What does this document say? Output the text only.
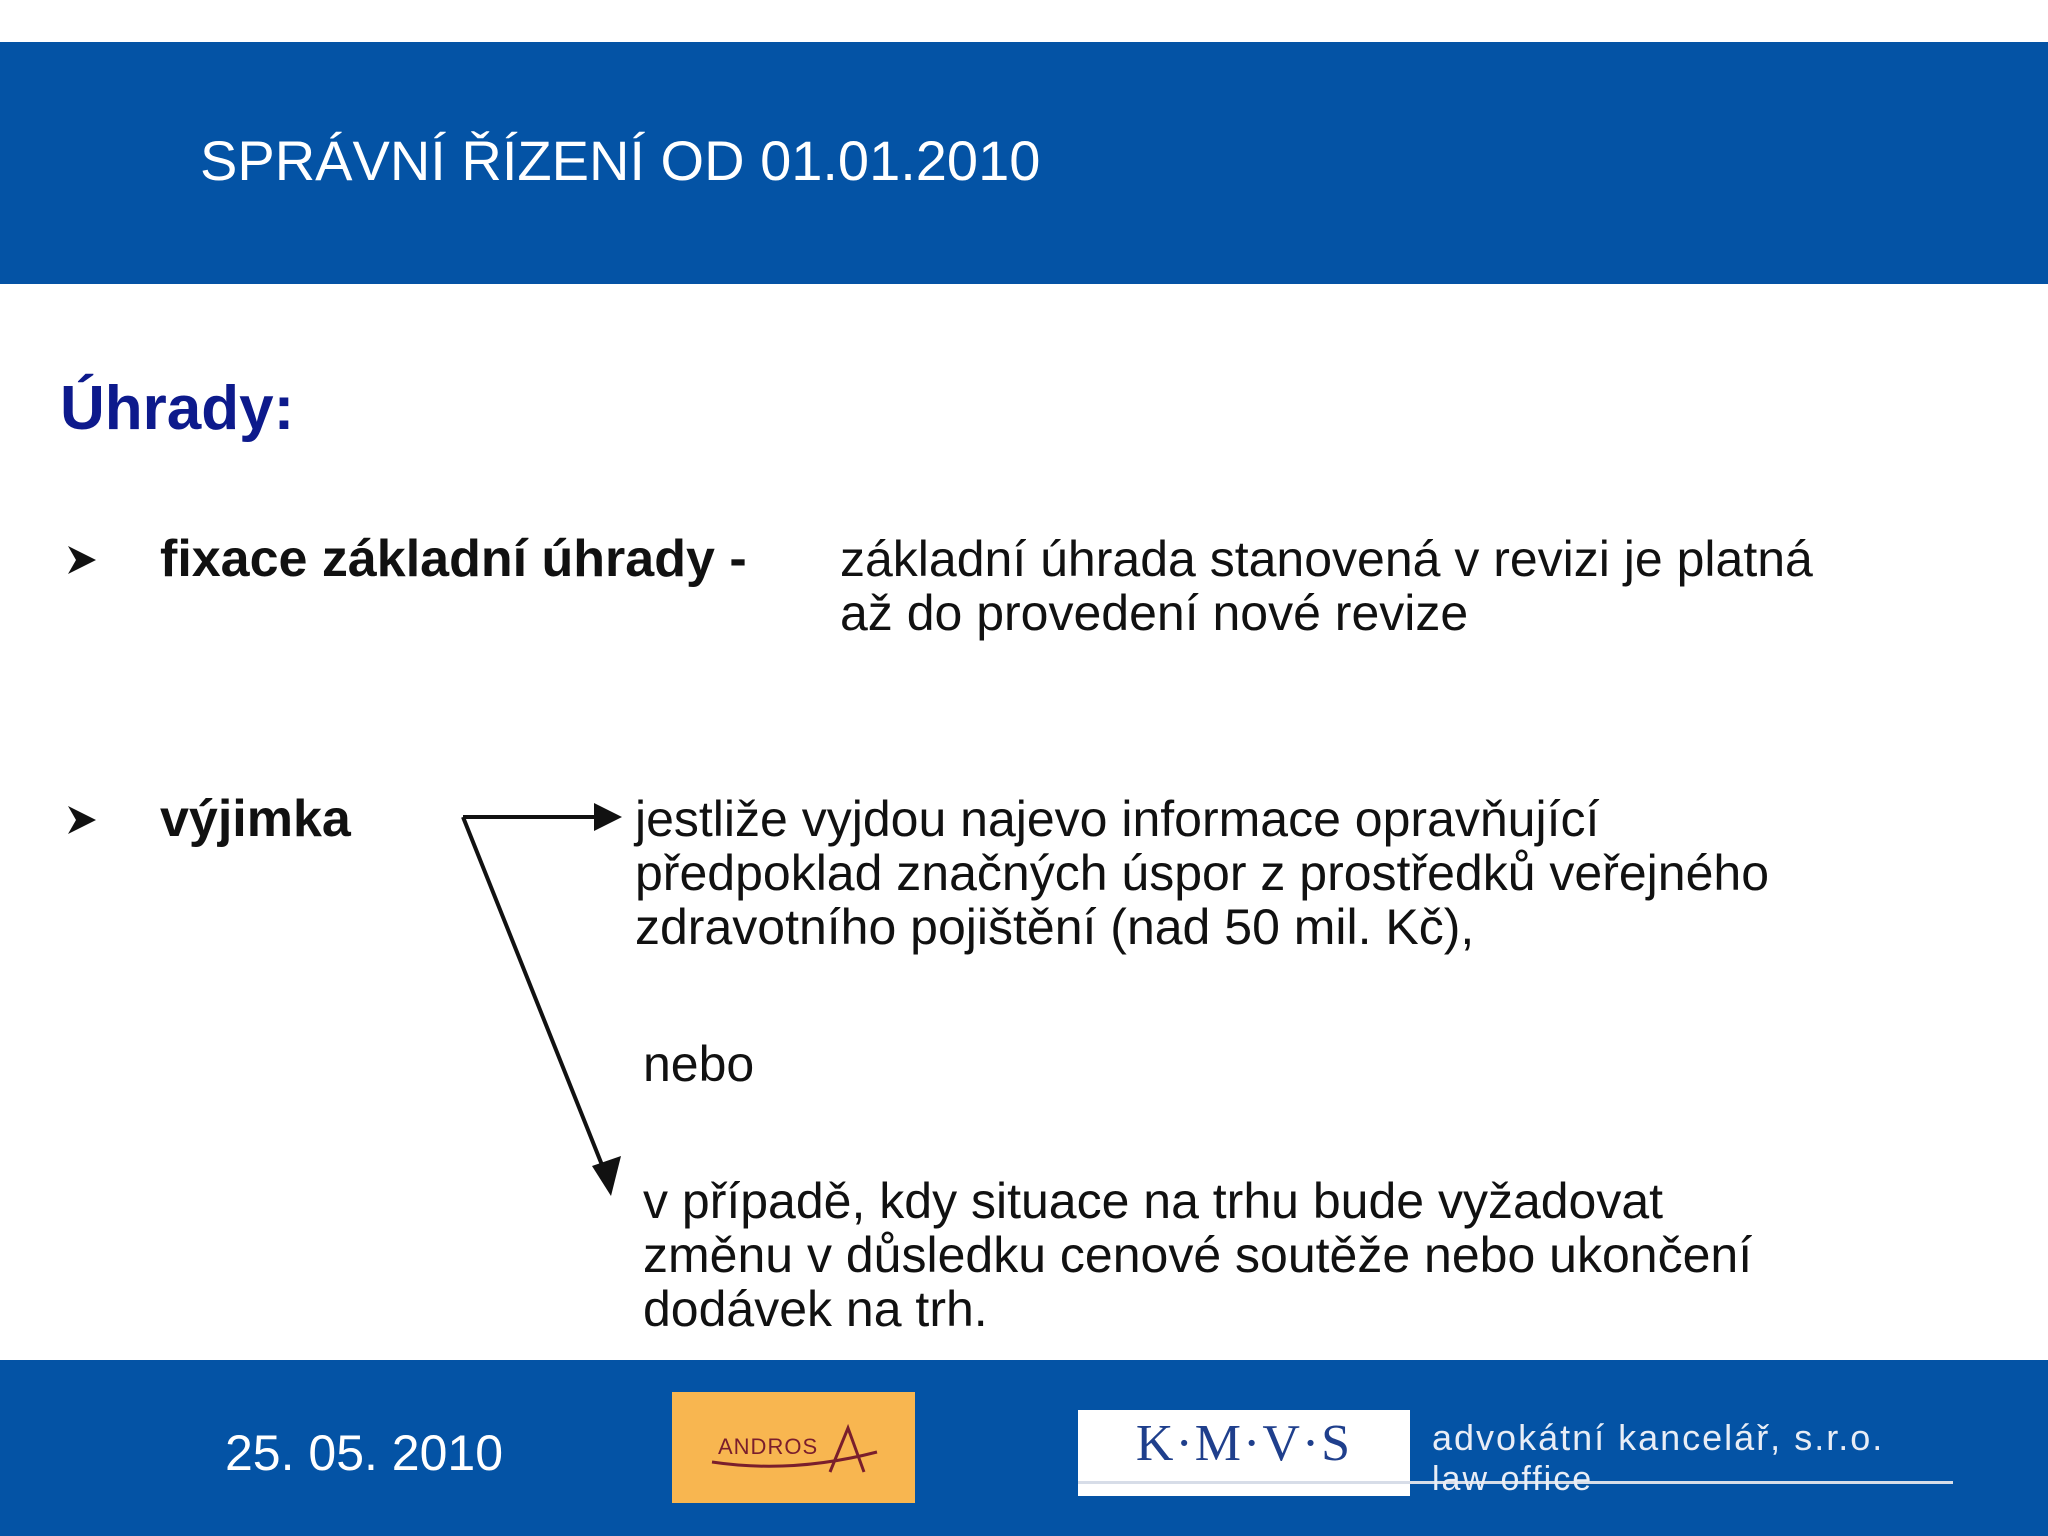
SPRÁVNÍ ŘÍZENÍ OD 01.01.2010
Úhrady:
fixace základní úhrady - základní úhrada stanovená v revizi je platná
až do provedení nové revize
výjimka	jestliže vyjdou najevo informace opravňující
předpoklad značných úspor z prostředků veřejného
zdravotního pojištění (nad 50 mil. Kč),
nebo
v případě, kdy situace na trhu bude vyžadovat
změnu v důsledku cenové soutěže nebo ukončení
dodávek na trh.
25. 05. 2010	ANDROS	K·M·V·S	advokátní kancelář, s.r.o.
law office
